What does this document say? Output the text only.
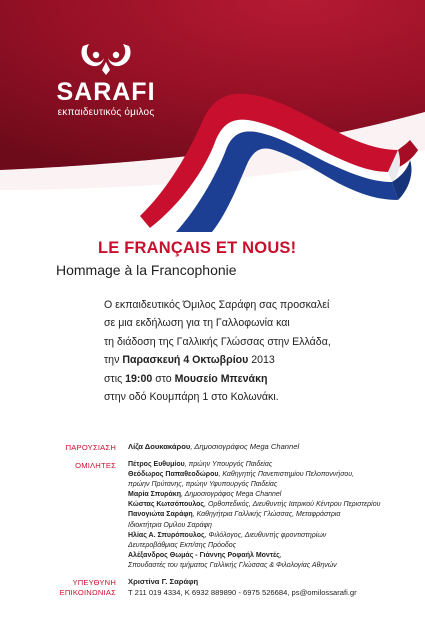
SARAFI
εκπαιδευτικός όμιλος
LE FRANÇAIS ET NOUS!
Hommage à la Francophonie
Ο εκπαιδευτικός Όμιλος Σαράφη σας προσκαλεί
σε μια εκδήλωση για τη Γαλλοφωνία και
τη διάδοση της Γαλλικής Γλώσσας στην Ελλάδα,
την Παρασκευή 4 Οκτωβρίου 2013
στις 19:00 στο Μουσείο Μπενάκη
στην οδό Κουμπάρη 1 στο Κολωνάκι.
ΠΑΡΟΥΣΙΑΣΗ Λίζα Δουκακάρου, Δημοσιογράφος Mega Channel
ΟΜΙΛΗΤΕΣ Πέτρος Ευθυμίου, πρώην Υπουργός Παιδείας
Θεόδωρος Παπαθεοδώρου, Καθηγητής Πανεπιστημίου Πελοποννήσου,
πρώην Πρύτανης, πρώην Υφυπουργός Παιδείας
Μαρία Σπυράκη, Δημοσιογράφος Mega Channel
Κώστας Κωτσόπουλος, Ορθοπεδικός, Διευθυντής Ιατρικού Κέντρου Περιστερίου
Πανογιώτα Σαράφη, Καθηγήτρια Γαλλικής Γλώσσας, Μεταφράστρια
Ιδιοκτήτρια Ομίλου Σαράφη
Ηλίας Α. Σπυρόπουλος, Φιλόλογος, Διευθυντής φροντιστηρίων
Δευτεροβάθμιας Εκπ/σης Πρόοδος
Αλέξανδρος Θωμάς - Γιάννης Ροφαήλ Μοντές,
Σπουδαστές του τμήματος Γαλλικής Γλώσσας & Φιλολογίας Αθηνών
ΥΠΕΥΘΥΝΗ
ΕΠΙΚΟΙΝΩΝΙΑΣ
Χριστίνα Γ. Σαράφη
Τ 211 019 4334, Κ 6932 889890 - 6975 526684, ps@omilossarafi.gr
